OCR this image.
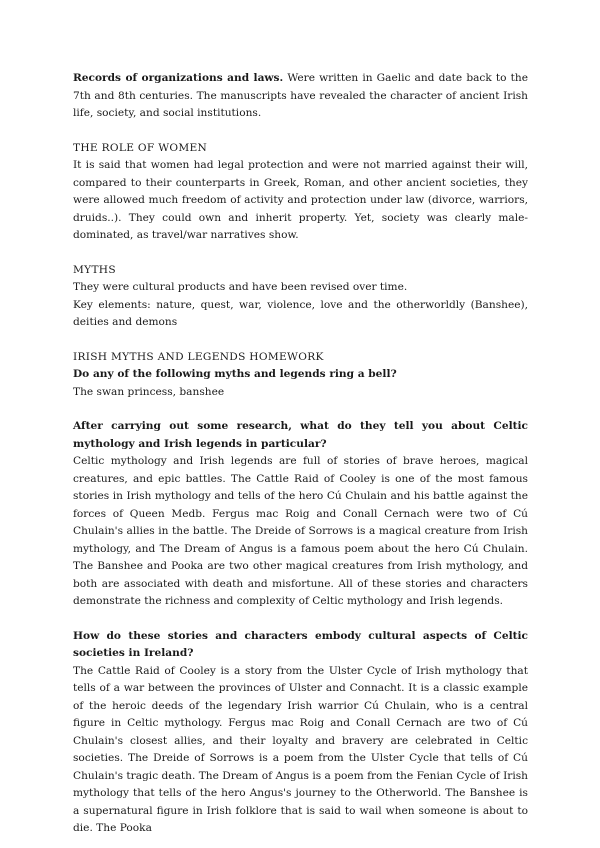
Records of organizations and laws. Were written in Gaelic and date back to the 7th and 8th centuries. The manuscripts have revealed the character of ancient Irish life, society, and social institutions.

THE ROLE OF WOMEN

It is said that women had legal protection and were not married against their will, compared to their counterparts in Greek, Roman, and other ancient societies, they were allowed much freedom of activity and protection under law (divorce, warriors, druids..). They could own and inherit property. Yet, society was clearly male-dominated, as travel/war narratives show.

MYTHS

They were cultural products and have been revised over time.

Key elements: nature, quest, war, violence, love and the otherworldly (Banshee), deities and demons

IRISH MYTHS AND LEGENDS HOMEWORK

Do any of the following myths and legends ring a bell?

The swan princess, banshee

After carrying out some research, what do they tell you about Celtic mythology and Irish legends in particular?

Celtic mythology and Irish legends are full of stories of brave heroes, magical creatures, and epic battles. The Cattle Raid of Cooley is one of the most famous stories in Irish mythology and tells of the hero Cú Chulain and his battle against the forces of Queen Medb. Fergus mac Roig and Conall Cernach were two of Cú Chulain's allies in the battle. The Dreide of Sorrows is a magical creature from Irish mythology, and The Dream of Angus is a famous poem about the hero Cú Chulain. The Banshee and Pooka are two other magical creatures from Irish mythology, and both are associated with death and misfortune. All of these stories and characters demonstrate the richness and complexity of Celtic mythology and Irish legends.

How do these stories and characters embody cultural aspects of Celtic societies in Ireland?

The Cattle Raid of Cooley is a story from the Ulster Cycle of Irish mythology that tells of a war between the provinces of Ulster and Connacht. It is a classic example of the heroic deeds of the legendary Irish warrior Cú Chulain, who is a central figure in Celtic mythology. Fergus mac Roig and Conall Cernach are two of Cú Chulain's closest allies, and their loyalty and bravery are celebrated in Celtic societies. The Dreide of Sorrows is a poem from the Ulster Cycle that tells of Cú Chulain's tragic death. The Dream of Angus is a poem from the Fenian Cycle of Irish mythology that tells of the hero Angus's journey to the Otherworld. The Banshee is a supernatural figure in Irish folklore that is said to wail when someone is about to die. The Pooka
